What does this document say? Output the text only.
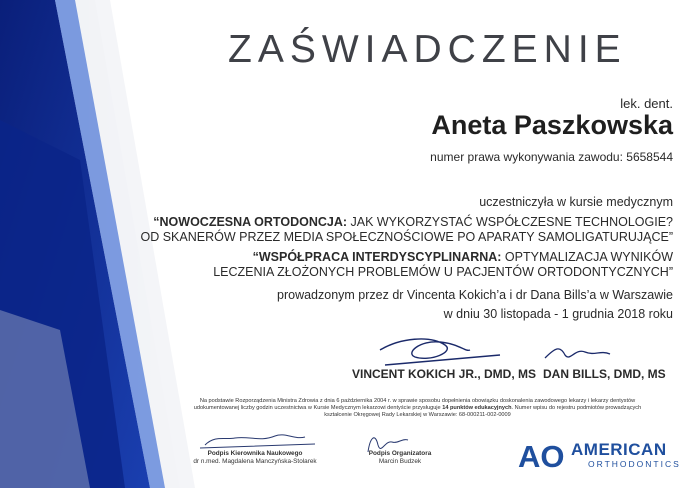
ZAŚWIADCZENIE
lek. dent.
Aneta Paszkowska
numer prawa wykonywania zawodu: 5658544
uczestniczyła w kursie medycznym
“NOWOCZESNA ORTODONCJA: JAK WYKORZYSTAĆ WSPÓŁCZESNE TECHNOLOGIE?
OD SKANERÓW PRZEZ MEDIA SPOŁECZNOŚCIOWE PO APARATY SAMOLIGATURUJĄCE”
“WSPÓŁPRACA INTERDYSCYPLINARNA: OPTYMALIZACJA WYNIKÓW
LECZENIA ZŁOŻONYCH PROBLEMÓW U PACJENTÓW ORTODONTYCZNYCH”
prowadzonym przez dr Vincenta Kokich’a i dr Dana Bills’a w Warszawie
w dniu 30 listopada - 1 grudnia 2018 roku
VINCENT KOKICH JR., DMD, MS DAN BILLS, DMD, MS
Na podstawie Rozporządzenia Ministra Zdrowia z dnia 6 października 2004 r. w sprawie sposobu dopełnienia obowiązku doskonalenia zawodowego lekarzy i lekarzy dentystów
udokumentowanej liczby godzin uczestnictwa w Kursie Medycznym lekarzowi dentyście przysługuje 14 punktów edukacyjnych. Numer wpisu do rejestru podmiotów prowadzących
kształcenie Okręgowej Rady Lekarskiej w Warszawie: 68-000211-002-0009
Podpis Kierownika Naukowego
dr n.med. Magdalena Manczyńska-Stolarek
Podpis Organizatora
Marcin Budzek	AO AMERICAN
ORTHODONTICS
